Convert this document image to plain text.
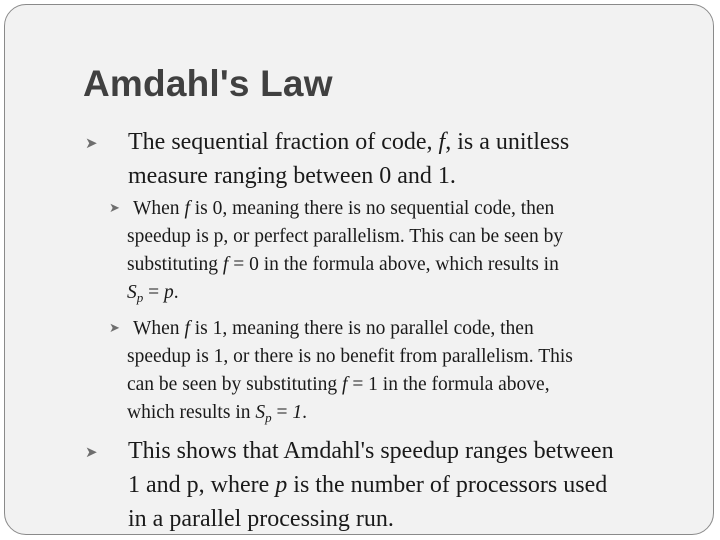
Amdahl's Law
➤	The sequential fraction of code, f, is a unitless
measure ranging between 0 and 1.
➤ When f is 0, meaning there is no sequential code, then
speedup is p, or perfect parallelism. This can be seen by
substituting f = 0 in the formula above, which results in
$S_p = p$.
➤ When f is 1, meaning there is no parallel code, then
speedup is 1, or there is no benefit from parallelism. This
can be seen by substituting f = 1 in the formula above,
which results in $S_p = 1$.
➤	This shows that Amdahl's speedup ranges between
1 and p, where p is the number of processors used
in a parallel processing run.
